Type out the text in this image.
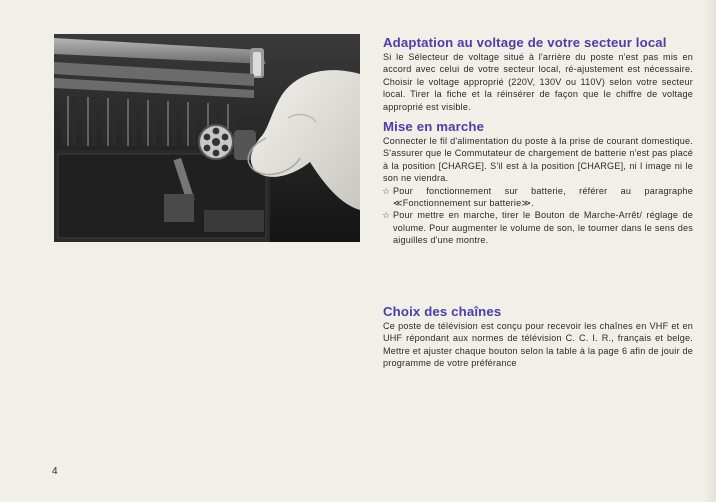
Adaptation au voltage de votre secteur local

Si le Sélecteur de voltage situé à l'arrière du poste n'est pas mis en accord avec celui de votre secteur local, ré-ajustement est nécessaire. Choisir le voltage approprié (220V, 130V ou 110V) selon votre secteur local. Tirer la fiche et la réinsérer de façon que le chiffre de voltage approprié est visible.

Mise en marche

Connecter le fil d'alimentation du poste à la prise de courant domestique. S'assurer que le Commutateur de chargement de batterie n'est pas placé à la position [CHARGE]. S'il est à la position [CHARGE], ni l image ni le son ne viendra.

☆ Pour fonctionnement sur batterie, référer au paragraphe ≪Fonctionnement sur batterie≫.
☆ Pour mettre en marche, tirer le Bouton de Marche-Arrêt/ réglage de volume. Pour augmenter le volume de son, le tourner dans le sens des aiguilles d'une montre.
Choix des chaînes

Ce poste de télévision est conçu pour recevoir les chaînes en VHF et en UHF répondant aux normes de télévision C. C. I. R., français et belge. Mettre et ajuster chaque bouton selon la table à la page 6 afin de jouir de programme de votre préférance

4
